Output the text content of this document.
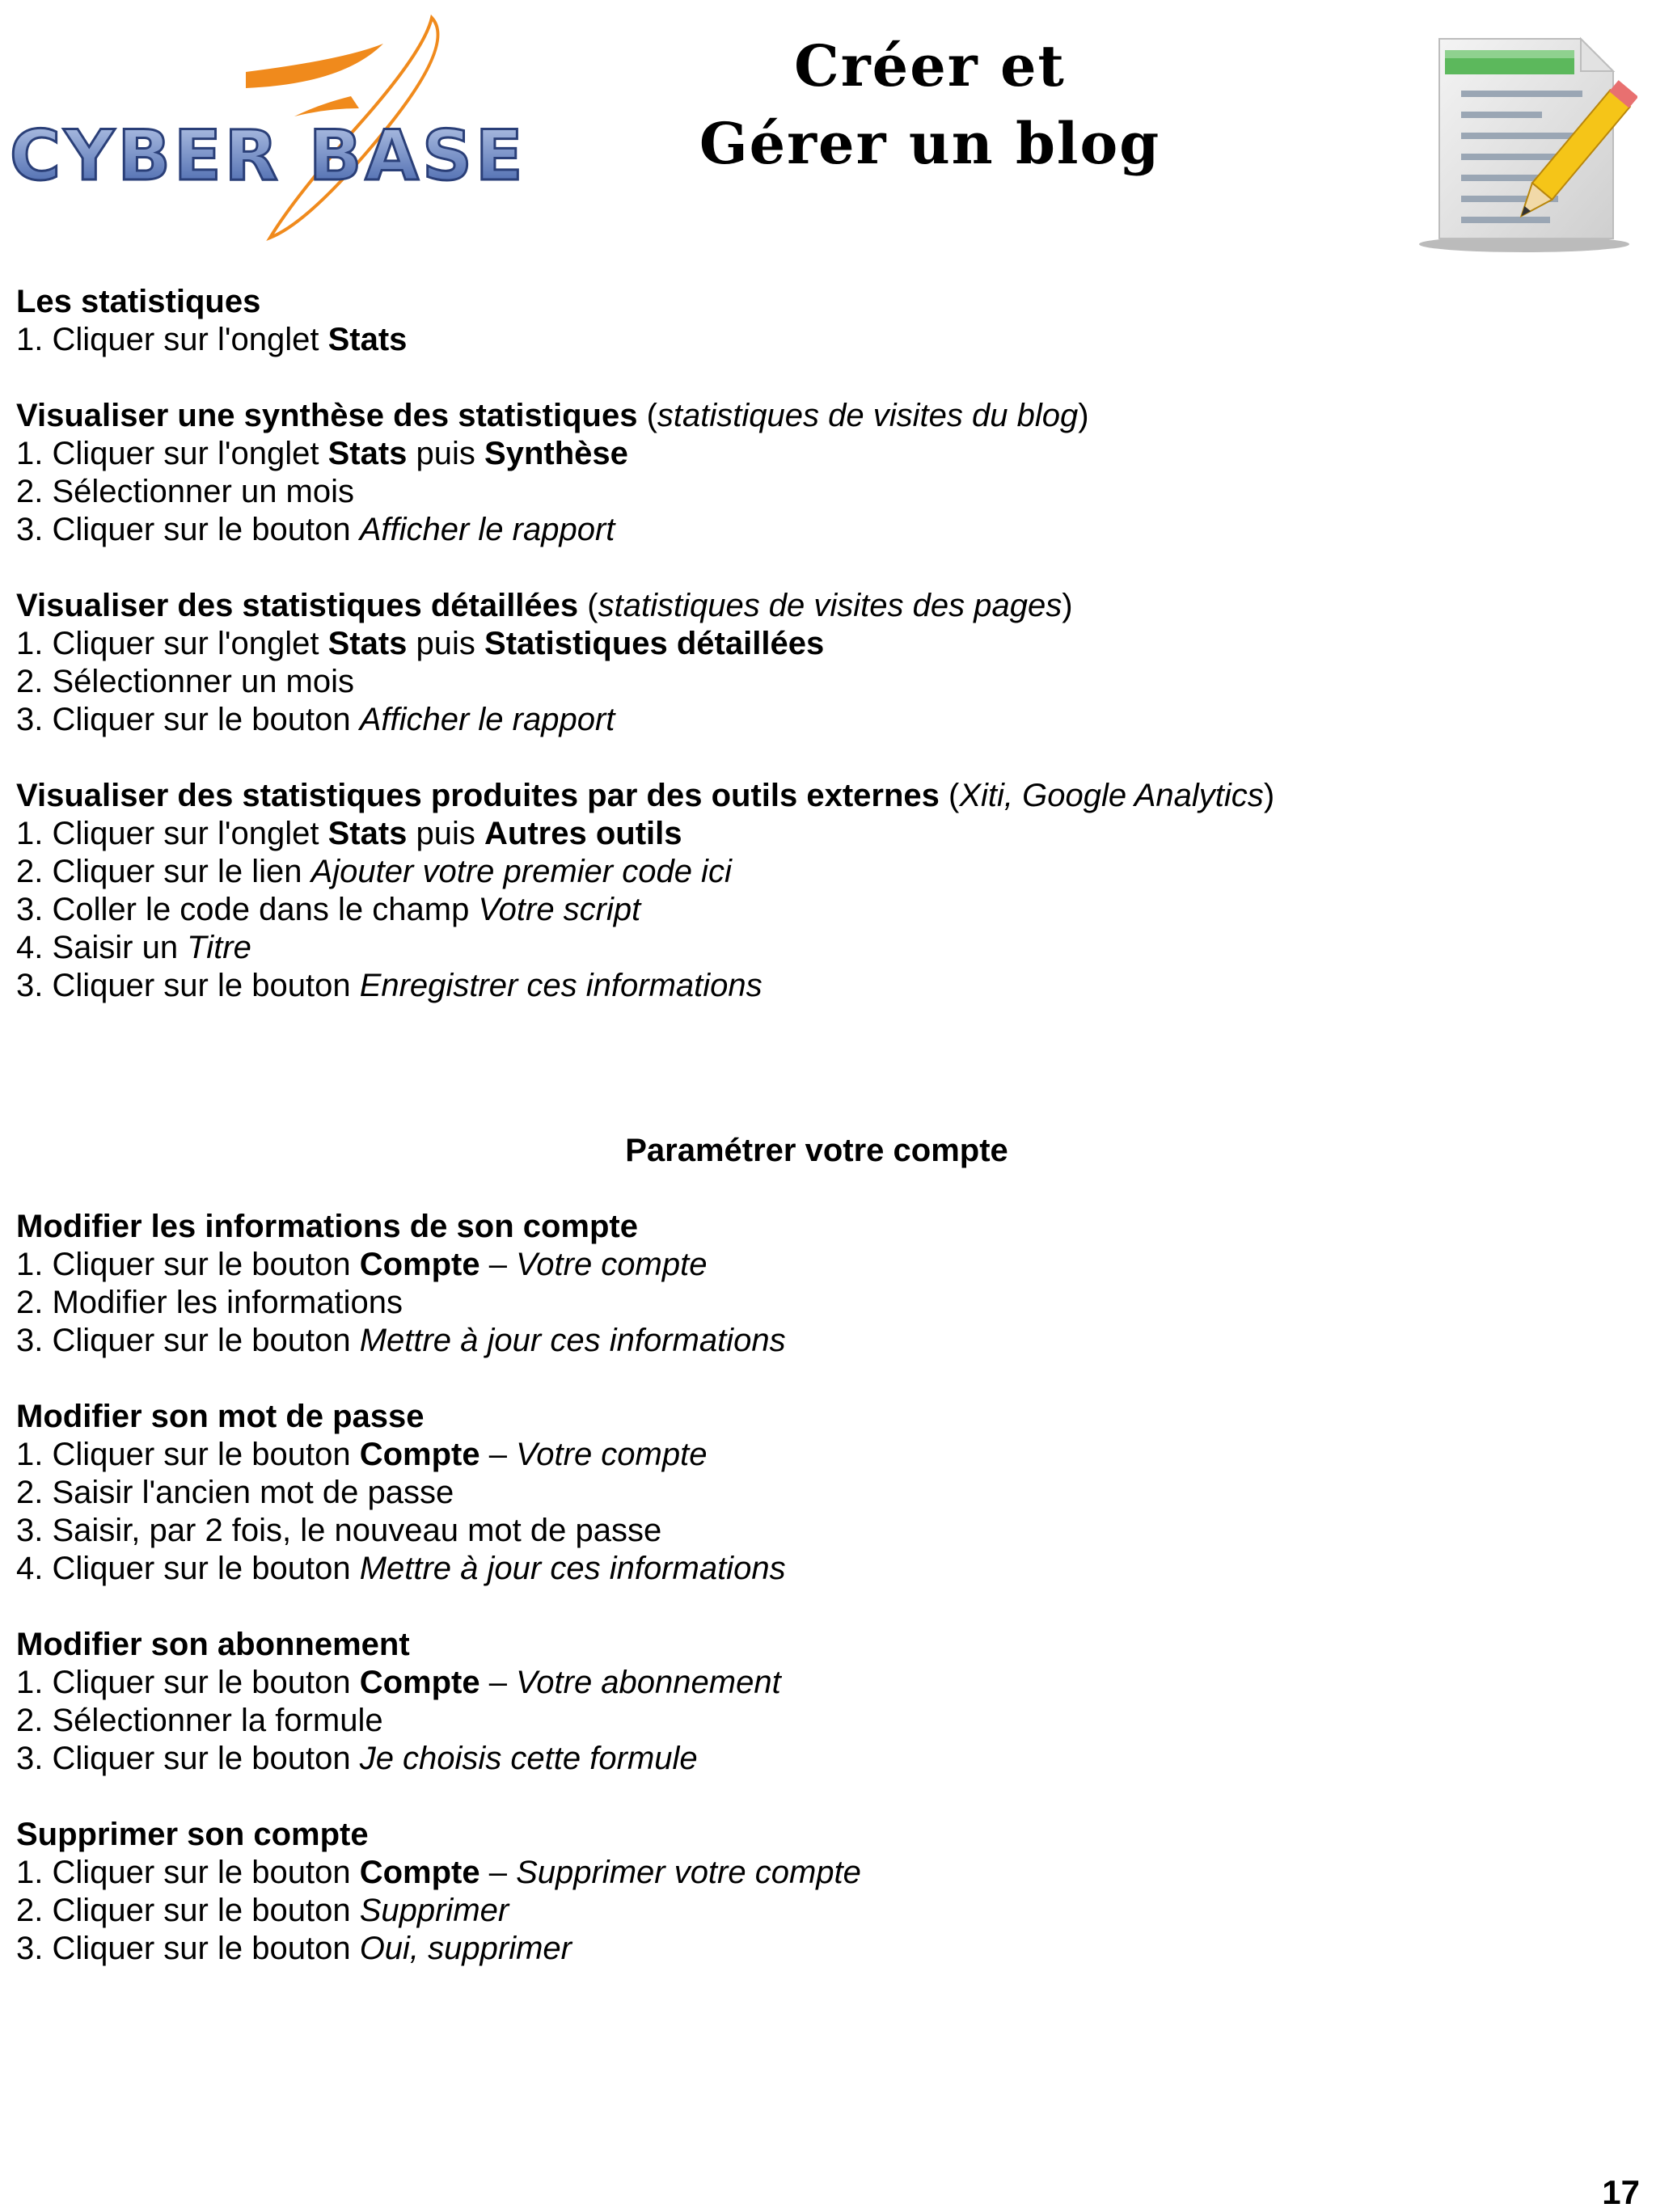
CYBER BASE
Créer et
Gérer un blog
Les statistiques
1. Cliquer sur l'onglet Stats
Visualiser une synthèse des statistiques (statistiques de visites du blog)
1. Cliquer sur l'onglet Stats puis Synthèse
2. Sélectionner un mois
3. Cliquer sur le bouton Afficher le rapport
Visualiser des statistiques détaillées (statistiques de visites des pages)
1. Cliquer sur l'onglet Stats puis Statistiques détaillées
2. Sélectionner un mois
3. Cliquer sur le bouton Afficher le rapport
Visualiser des statistiques produites par des outils externes (Xiti, Google Analytics)
1. Cliquer sur l'onglet Stats puis Autres outils
2. Cliquer sur le lien Ajouter votre premier code ici
3. Coller le code dans le champ Votre script
4. Saisir un Titre
3. Cliquer sur le bouton Enregistrer ces informations
Paramétrer votre compte
Modifier les informations de son compte
1. Cliquer sur le bouton Compte – Votre compte
2. Modifier les informations
3. Cliquer sur le bouton Mettre à jour ces informations
Modifier son mot de passe
1. Cliquer sur le bouton Compte – Votre compte
2. Saisir l'ancien mot de passe
3. Saisir, par 2 fois, le nouveau mot de passe
4. Cliquer sur le bouton Mettre à jour ces informations
Modifier son abonnement
1. Cliquer sur le bouton Compte – Votre abonnement
2. Sélectionner la formule
3. Cliquer sur le bouton Je choisis cette formule
Supprimer son compte
1. Cliquer sur le bouton Compte – Supprimer votre compte
2. Cliquer sur le bouton Supprimer
3. Cliquer sur le bouton Oui, supprimer
17
